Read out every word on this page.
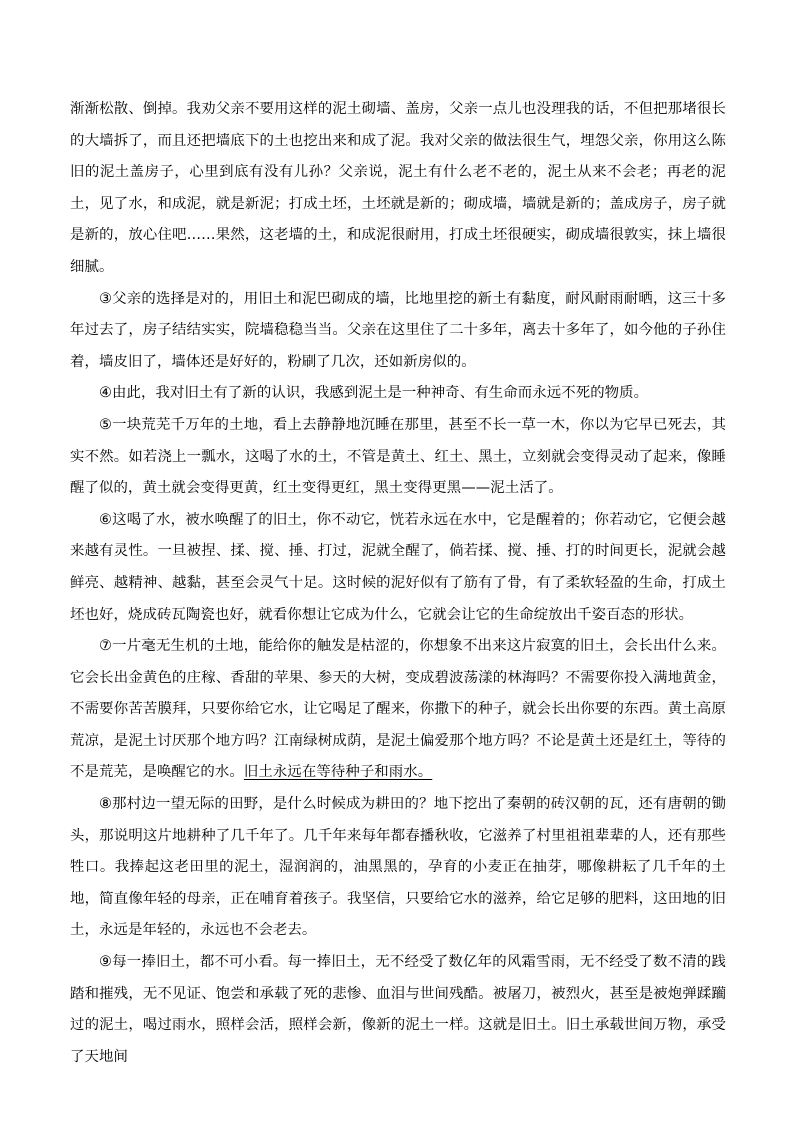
渐渐松散、倒掉。我劝父亲不要用这样的泥土砌墙、盖房，父亲一点儿也没理我的话，不但把那堵很长的大墙拆了，而且还把墙底下的土也挖出来和成了泥。我对父亲的做法很生气，埋怨父亲，你用这么陈旧的泥土盖房子，心里到底有没有儿孙？父亲说，泥土有什么老不老的，泥土从来不会老；再老的泥土，见了水，和成泥，就是新泥；打成土坯，土坯就是新的；砌成墙，墙就是新的；盖成房子，房子就是新的，放心住吧……果然，这老墙的土，和成泥很耐用，打成土坯很硬实，砌成墙很敦实，抹上墙很细腻。

③父亲的选择是对的，用旧土和泥巴砌成的墙，比地里挖的新土有黏度，耐风耐雨耐晒，这三十多年过去了，房子结结实实，院墙稳稳当当。父亲在这里住了二十多年，离去十多年了，如今他的子孙住着，墙皮旧了，墙体还是好好的，粉刷了几次，还如新房似的。

④由此，我对旧土有了新的认识，我感到泥土是一种神奇、有生命而永远不死的物质。

⑤一块荒芜千万年的土地，看上去静静地沉睡在那里，甚至不长一草一木，你以为它早已死去，其实不然。如若浇上一瓢水，这喝了水的土，不管是黄土、红土、黑土，立刻就会变得灵动了起来，像睡醒了似的，黄土就会变得更黄，红土变得更红，黑土变得更黑——泥土活了。

⑥这喝了水，被水唤醒了的旧土，你不动它，恍若永远在水中，它是醒着的；你若动它，它便会越来越有灵性。一旦被捏、揉、搅、捶、打过，泥就全醒了，倘若揉、搅、捶、打的时间更长，泥就会越鲜亮、越精神、越黏，甚至会灵气十足。这时候的泥好似有了筋有了骨，有了柔软轻盈的生命，打成土坯也好，烧成砖瓦陶瓷也好，就看你想让它成为什么，它就会让它的生命绽放出千姿百态的形状。

⑦一片毫无生机的土地，能给你的触发是枯涩的，你想象不出来这片寂寞的旧土，会长出什么来。它会长出金黄色的庄稼、香甜的苹果、参天的大树，变成碧波荡漾的林海吗？不需要你投入满地黄金，不需要你苦苦膜拜，只要你给它水，让它喝足了醒来，你撒下的种子，就会长出你要的东西。黄土高原荒凉，是泥土讨厌那个地方吗？江南绿树成荫，是泥土偏爱那个地方吗？不论是黄土还是红土，等待的不是荒芜，是唤醒它的水。旧土永远在等待种子和雨水。

⑧那村边一望无际的田野，是什么时候成为耕田的？地下挖出了秦朝的砖汉朝的瓦，还有唐朝的锄头，那说明这片地耕种了几千年了。几千年来每年都春播秋收，它滋养了村里祖祖辈辈的人，还有那些牲口。我捧起这老田里的泥土，湿润润的，油黑黑的，孕育的小麦正在抽芽，哪像耕耘了几千年的土地，简直像年轻的母亲，正在哺育着孩子。我坚信，只要给它水的滋养，给它足够的肥料，这田地的旧土，永远是年轻的，永远也不会老去。

⑨每一捧旧土，都不可小看。每一捧旧土，无不经受了数亿年的风霜雪雨，无不经受了数不清的践踏和摧残，无不见证、饱尝和承载了死的悲惨、血泪与世间残酷。被屠刀，被烈火，甚至是被炮弹蹂躏过的泥土，喝过雨水，照样会活，照样会新，像新的泥土一样。这就是旧土。旧土承载世间万物，承受了天地间
